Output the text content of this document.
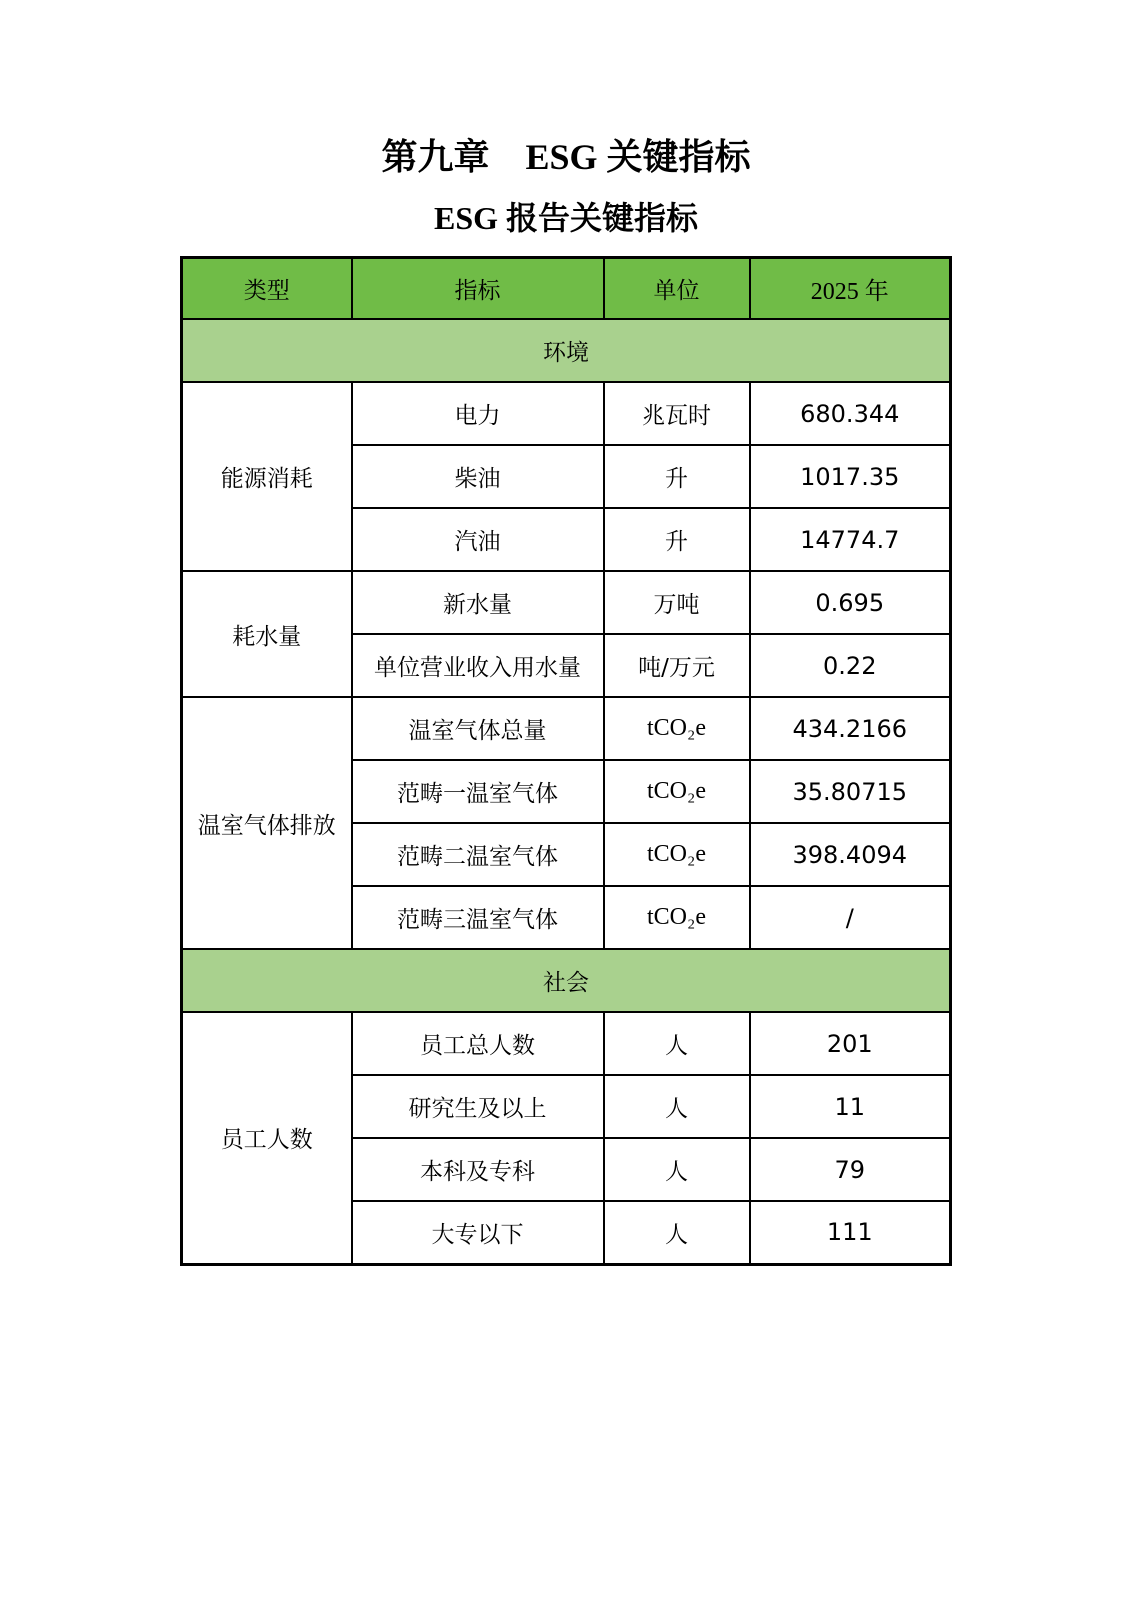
第九章　ESG 关键指标
ESG 报告关键指标
类型	指标	单位	2025 年
环境			
能源消耗	电力	兆瓦时	680.344
	柴油	升	1017.35
	汽油	升	14774.7
耗水量	新水量	万吨	0.695
	单位营业收入用水量	吨/万元	0.22
温室气体排放	温室气体总量	tCO₂e	434.2166
	范畴一温室气体	tCO₂e	35.80715
	范畴二温室气体	tCO₂e	398.4094
	范畴三温室气体	tCO₂e	/
社会			
员工人数	员工总人数	人	201
	研究生及以上	人	11
	本科及专科	人	79
	大专以下	人	111
